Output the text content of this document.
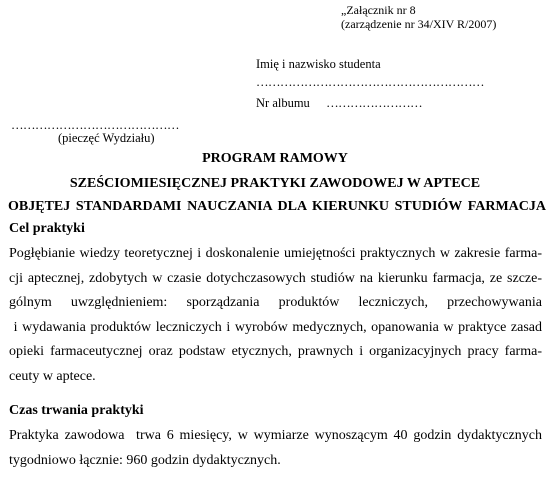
„Załącznik nr 8
(zarządzenie nr 34/XIV R/2007)
Imię i nazwisko studenta
…………………………………………………
Nr albumu ……………………
……………………………………
(pieczęć Wydziału)
PROGRAM RAMOWY
SZEŚCIOMIESIĘCZNEJ PRAKTYKI ZAWODOWEJ W APTECE
OBJĘTEJ STANDARDAMI NAUCZANIA DLA KIERUNKU STUDIÓW FARMACJA
Cel praktyki
Pogłębianie wiedzy teoretycznej i doskonalenie umiejętności praktycznych w zakresie farma-
cji aptecznej, zdobytych w czasie dotychczasowych studiów na kierunku farmacja, ze szcze-
gólnym uwzględnieniem: sporządzania produktów leczniczych, przechowywania
i wydawania produktów leczniczych i wyrobów medycznych, opanowania w praktyce zasad
opieki farmaceutycznej oraz podstaw etycznych, prawnych i organizacyjnych pracy farma-
ceuty w aptece.
Czas trwania praktyki
Praktyka zawodowa  trwa 6 miesięcy, w wymiarze wynoszącym 40 godzin dydaktycznych
tygodniowo łącznie: 960 godzin dydaktycznych.
